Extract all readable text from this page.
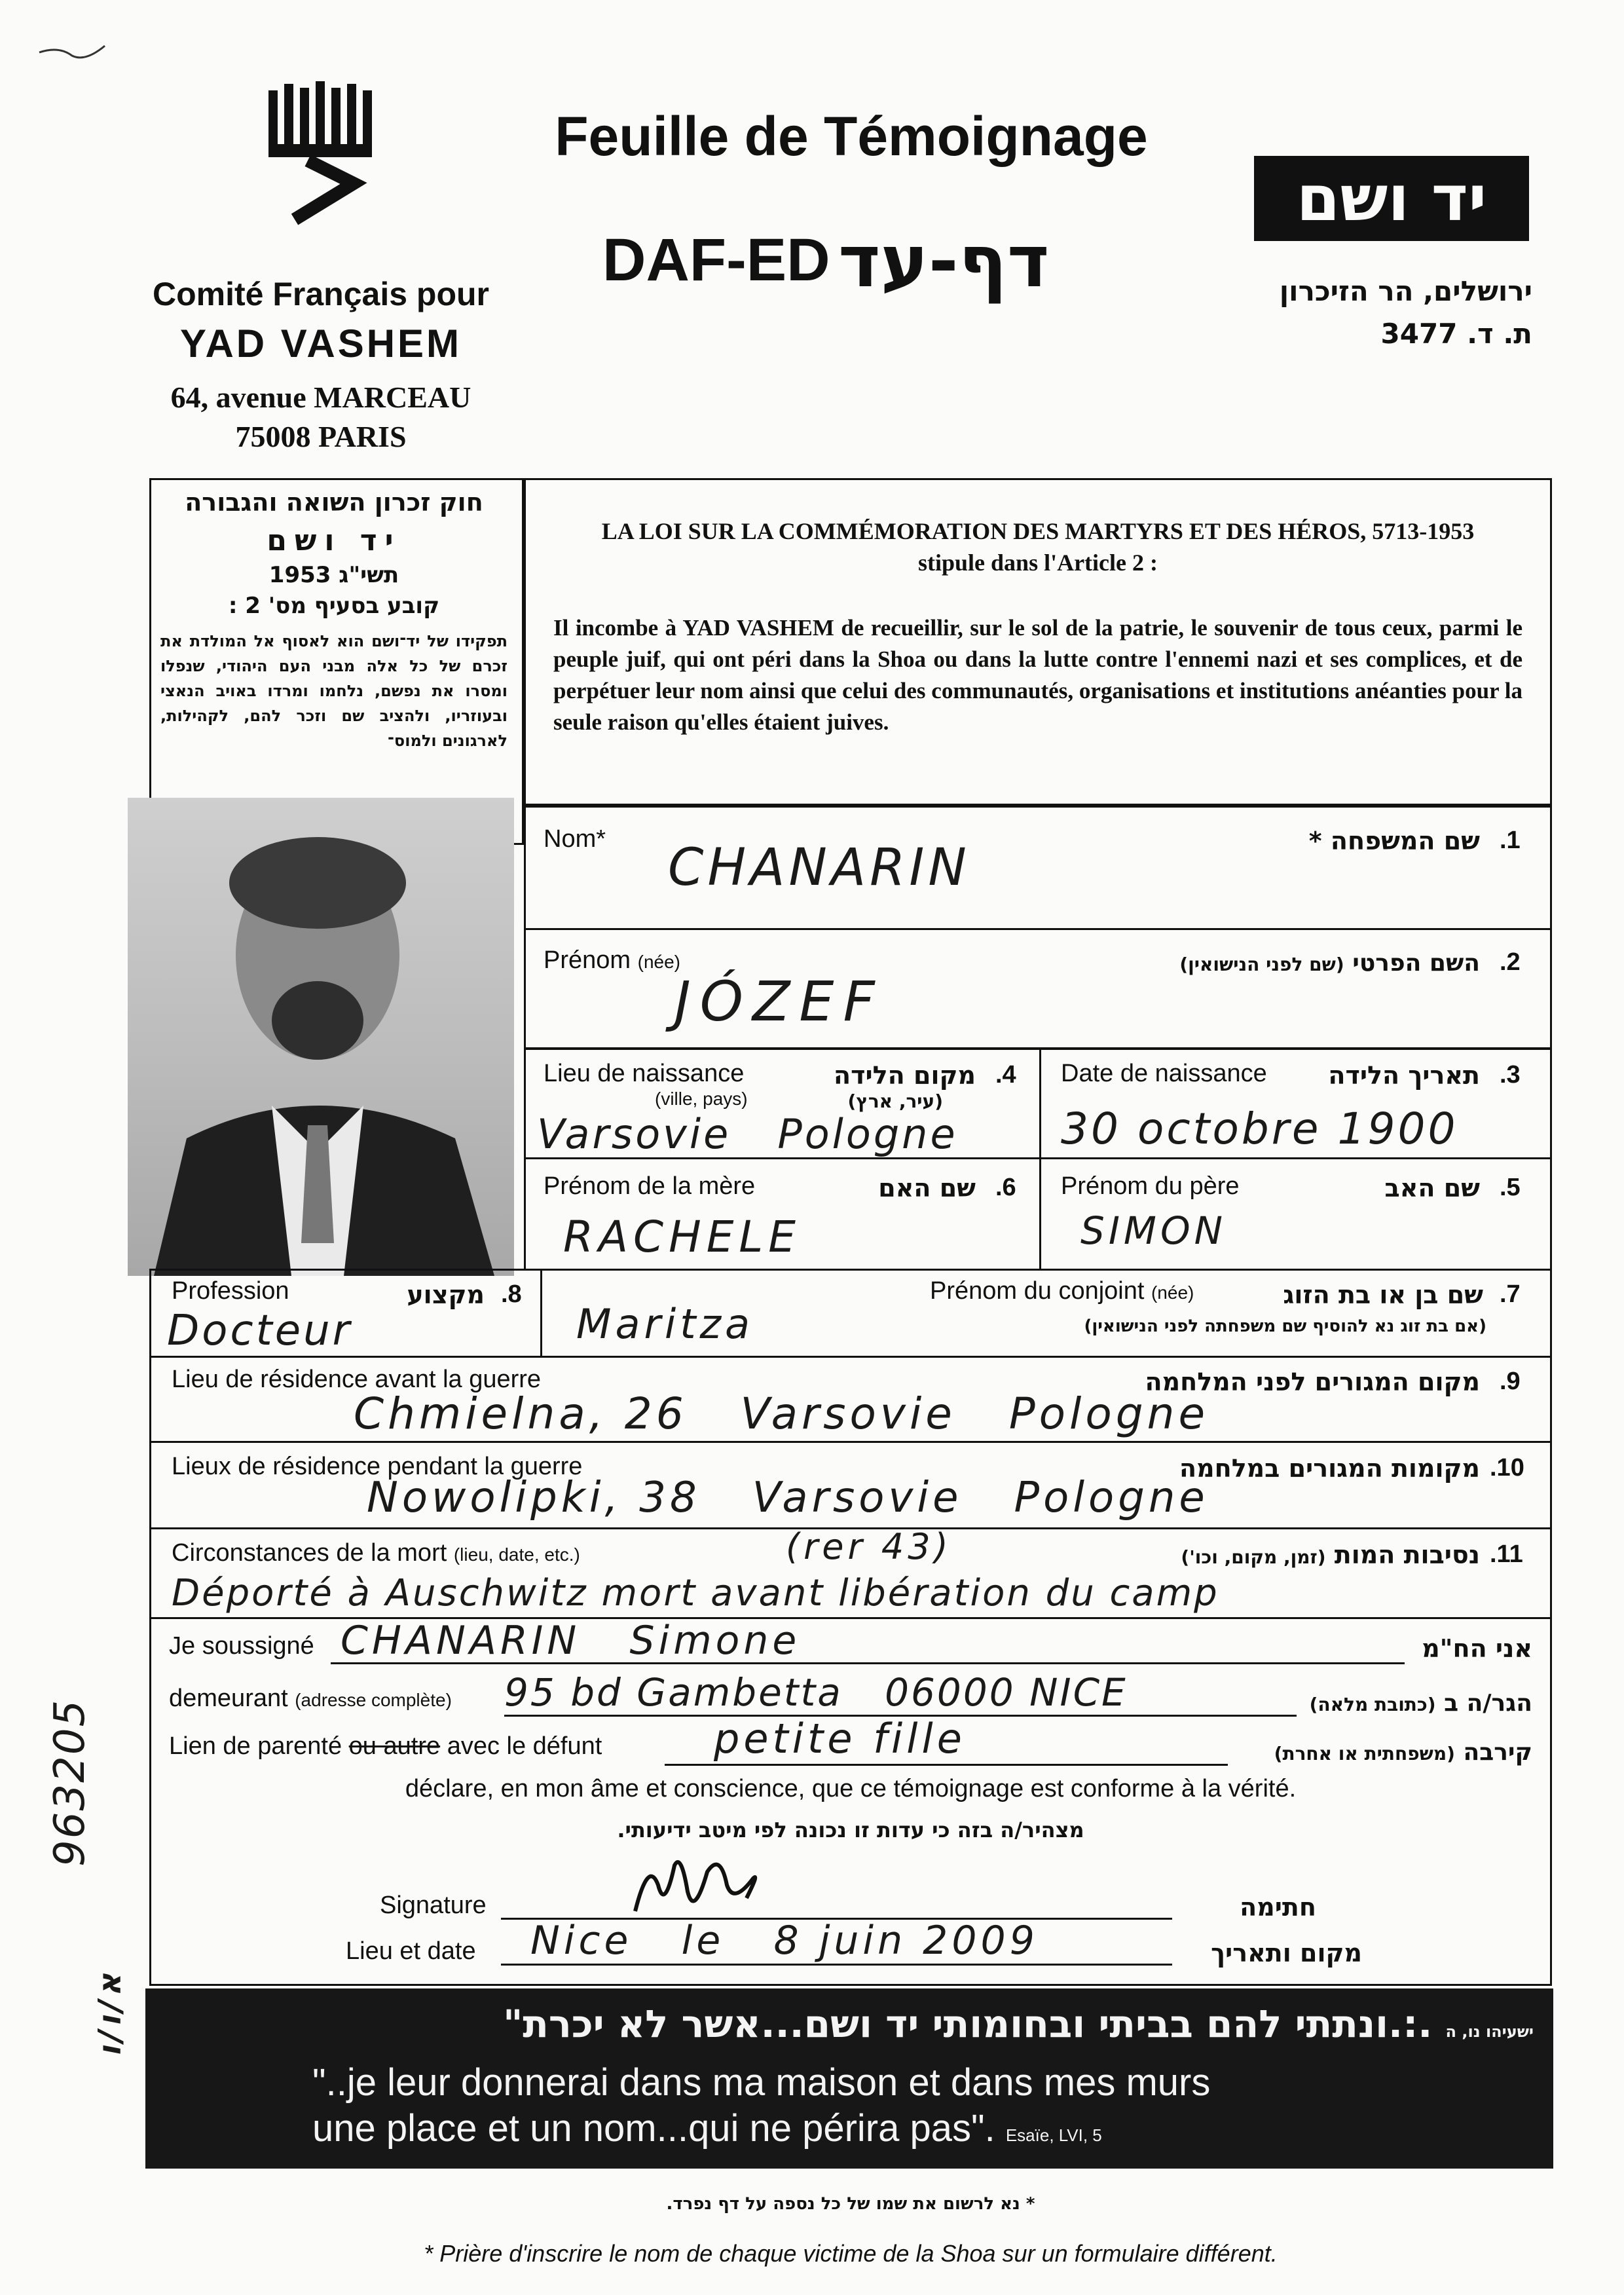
Comité Français pour
YAD VASHEM
64, avenue MARCEAU
75008 PARIS
Feuille de Témoignage
DAF-ED דף-עד
יד ושם
ירושלים, הר הזיכרון
ת. ד. 3477
חוק זכרון השואה והגבורה
יד ושם
תשי"ג 1953
קובע בסעיף מס' 2 :
תפקידו של יד־ושם הוא לאסוף אל המולדת את זכרם של כל אלה מבני העם היהודי, שנפלו ומסרו את נפשם, נלחמו ומרדו באויב הנאצי ובעוזריו, ולהציב שם וזכר להם, לקהילות, לארגונים ולמוס־
LA LOI SUR LA COMMÉMORATION DES MARTYRS ET DES HÉROS, 5713-1953
stipule dans l'Article 2 :
Il incombe à YAD VASHEM de recueillir, sur le sol de la patrie, le souvenir de tous ceux, parmi le peuple juif, qui ont péri dans la Shoa ou dans la lutte contre l'ennemi nazi et ses complices, et de perpétuer leur nom ainsi que celui des communautés, organisations et institutions anéanties pour la seule raison qu'elles étaient juives.
Nom*	שם המשפחה * .1
CHANARIN
Prénom (née)	השם הפרטי (שם לפני הנישואין)	.2
JÓZEF
Lieu de naissance
(ville, pays)
מקום הלידה
(עיר, ארץ)
.4
Varsovie   Pologne
Date de naissance	תאריך הלידה .3
30 octobre 1900
Prénom de la mère	שם האם .6
RACHELE
Prénom du père	שם האב .5
SIMON
Profession	מקצוע .8
Docteur
Prénom du conjoint (née)	שם בן או בת הזוג .7
(אם בת זוג נא להוסיף שם משפחתה לפני הנישואין)
Maritza
Lieu de résidence avant la guerre	מקום המגורים לפני המלחמה .9
Chmielna, 26   Varsovie   Pologne
Lieux de résidence pendant la guerre	מקומות המגורים במלחמה .10
Nowolipki, 38   Varsovie   Pologne
Circonstances de la mort (lieu, date, etc.)	(rer 43)	נסיבות המות (זמן, מקום, וכו')	.11
Déporté à Auschwitz mort avant libération du camp
Je soussigné CHANARIN   Simone	אני הח"מ
demeurant (adresse complète) 95 bd Gambetta   06000 NICE	הגר/ה ב (כתובת מלאה)
Lien de parenté ou autre avec le défunt	petite fille	קירבה (משפחתית או אחרת)
déclare, en mon âme et conscience, que ce témoignage est conforme à la vérité.
מצהיר/ה בזה כי עדות זו נכונה לפי מיטב ידיעותי.
Signature	חתימה
Lieu et date Nice   le   8 juin 2009	מקום ותאריך
ישעיהו נו, ה .:.ונתתי להם בביתי ובחומותי יד ושם...אשר לא יכרת"
"..je leur donnerai dans ma maison et dans mes murs
une place et un nom...qui ne périra pas". Esaïe, LVI, 5
* נא לרשום את שמו של כל נספה על דף נפרד.
* Prière d'inscrire le nom de chaque victime de la Shoa sur un formulaire différent.
963205
א/ו/ו
